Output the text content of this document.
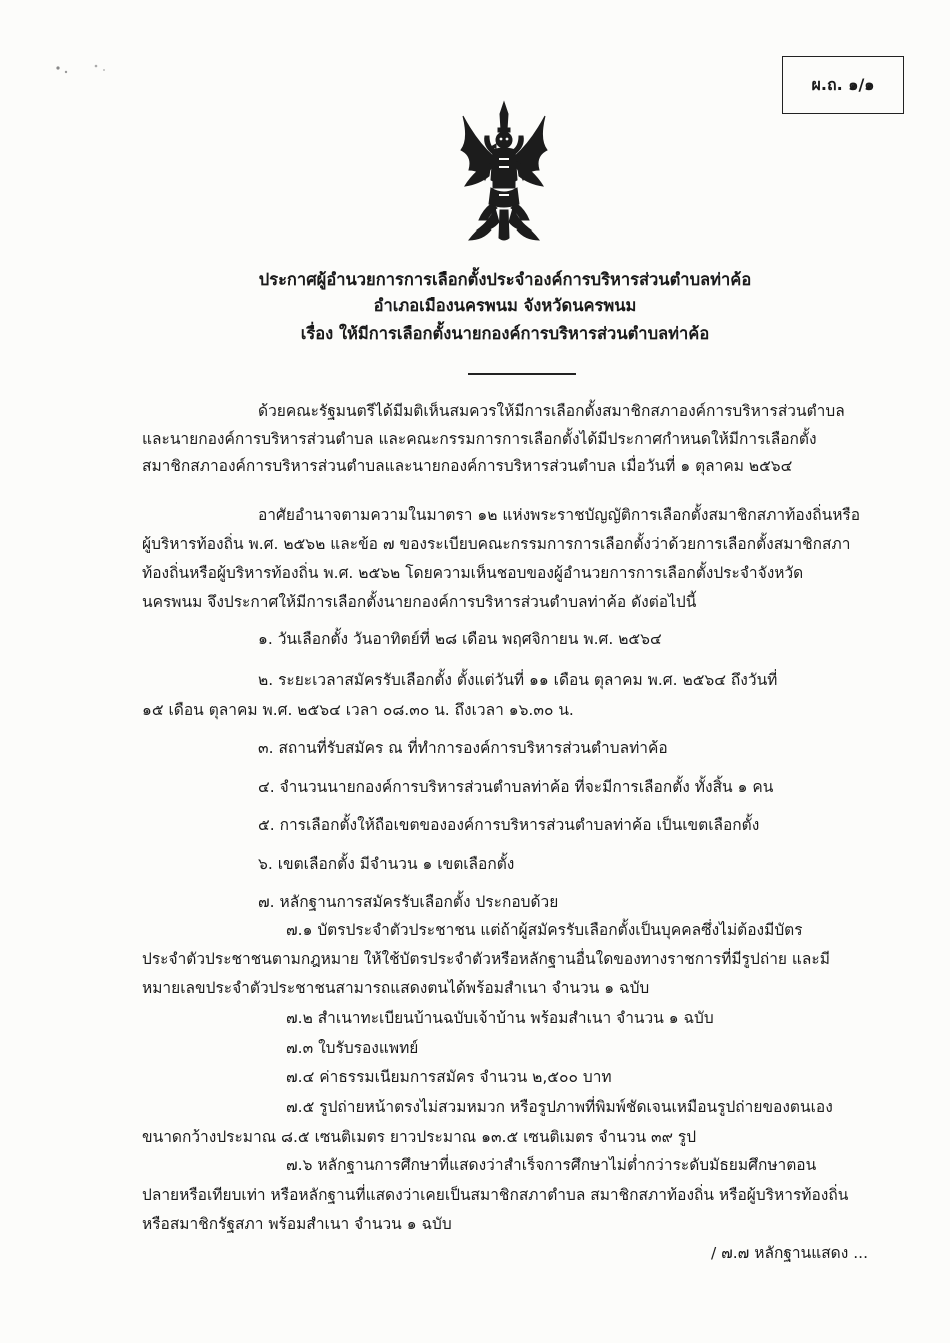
ผ.ถ. ๑/๑
ประกาศผู้อำนวยการการเลือกตั้งประจำองค์การบริหารส่วนตำบลท่าค้อ
อำเภอเมืองนครพนม จังหวัดนครพนม
เรื่อง ให้มีการเลือกตั้งนายกองค์การบริหารส่วนตำบลท่าค้อ
ด้วยคณะรัฐมนตรีได้มีมติเห็นสมควรให้มีการเลือกตั้งสมาชิกสภาองค์การบริหารส่วนตำบล
และนายกองค์การบริหารส่วนตำบล และคณะกรรมการการเลือกตั้งได้มีประกาศกำหนดให้มีการเลือกตั้ง
สมาชิกสภาองค์การบริหารส่วนตำบลและนายกองค์การบริหารส่วนตำบล เมื่อวันที่ ๑ ตุลาคม ๒๕๖๔
อาศัยอำนาจตามความในมาตรา ๑๒ แห่งพระราชบัญญัติการเลือกตั้งสมาชิกสภาท้องถิ่นหรือ
ผู้บริหารท้องถิ่น พ.ศ. ๒๕๖๒ และข้อ ๗ ของระเบียบคณะกรรมการการเลือกตั้งว่าด้วยการเลือกตั้งสมาชิกสภา
ท้องถิ่นหรือผู้บริหารท้องถิ่น พ.ศ. ๒๕๖๒ โดยความเห็นชอบของผู้อำนวยการการเลือกตั้งประจำจังหวัด
นครพนม จึงประกาศให้มีการเลือกตั้งนายกองค์การบริหารส่วนตำบลท่าค้อ ดังต่อไปนี้
๑. วันเลือกตั้ง วันอาทิตย์ที่ ๒๘ เดือน พฤศจิกายน พ.ศ. ๒๕๖๔
๒. ระยะเวลาสมัครรับเลือกตั้ง ตั้งแต่วันที่ ๑๑ เดือน ตุลาคม พ.ศ. ๒๕๖๔ ถึงวันที่
๑๕ เดือน ตุลาคม พ.ศ. ๒๕๖๔ เวลา ๐๘.๓๐ น. ถึงเวลา ๑๖.๓๐ น.
๓. สถานที่รับสมัคร ณ ที่ทำการองค์การบริหารส่วนตำบลท่าค้อ
๔. จำนวนนายกองค์การบริหารส่วนตำบลท่าค้อ ที่จะมีการเลือกตั้ง ทั้งสิ้น ๑ คน
๕. การเลือกตั้งให้ถือเขตขององค์การบริหารส่วนตำบลท่าค้อ เป็นเขตเลือกตั้ง
๖. เขตเลือกตั้ง มีจำนวน ๑ เขตเลือกตั้ง
๗. หลักฐานการสมัครรับเลือกตั้ง ประกอบด้วย
๗.๑ บัตรประจำตัวประชาชน แต่ถ้าผู้สมัครรับเลือกตั้งเป็นบุคคลซึ่งไม่ต้องมีบัตร
ประจำตัวประชาชนตามกฎหมาย ให้ใช้บัตรประจำตัวหรือหลักฐานอื่นใดของทางราชการที่มีรูปถ่าย และมี
หมายเลขประจำตัวประชาชนสามารถแสดงตนได้พร้อมสำเนา จำนวน ๑ ฉบับ
๗.๒ สำเนาทะเบียนบ้านฉบับเจ้าบ้าน พร้อมสำเนา จำนวน ๑ ฉบับ
๗.๓ ใบรับรองแพทย์
๗.๔ ค่าธรรมเนียมการสมัคร จำนวน ๒,๕๐๐ บาท
๗.๕ รูปถ่ายหน้าตรงไม่สวมหมวก หรือรูปภาพที่พิมพ์ชัดเจนเหมือนรูปถ่ายของตนเอง
ขนาดกว้างประมาณ ๘.๕ เซนติเมตร ยาวประมาณ ๑๓.๕ เซนติเมตร จำนวน ๓๙ รูป
๗.๖ หลักฐานการศึกษาที่แสดงว่าสำเร็จการศึกษาไม่ต่ำกว่าระดับมัธยมศึกษาตอน
ปลายหรือเทียบเท่า หรือหลักฐานที่แสดงว่าเคยเป็นสมาชิกสภาตำบล สมาชิกสภาท้องถิ่น หรือผู้บริหารท้องถิ่น
หรือสมาชิกรัฐสภา พร้อมสำเนา จำนวน ๑ ฉบับ
/ ๗.๗ หลักฐานแสดง ...
